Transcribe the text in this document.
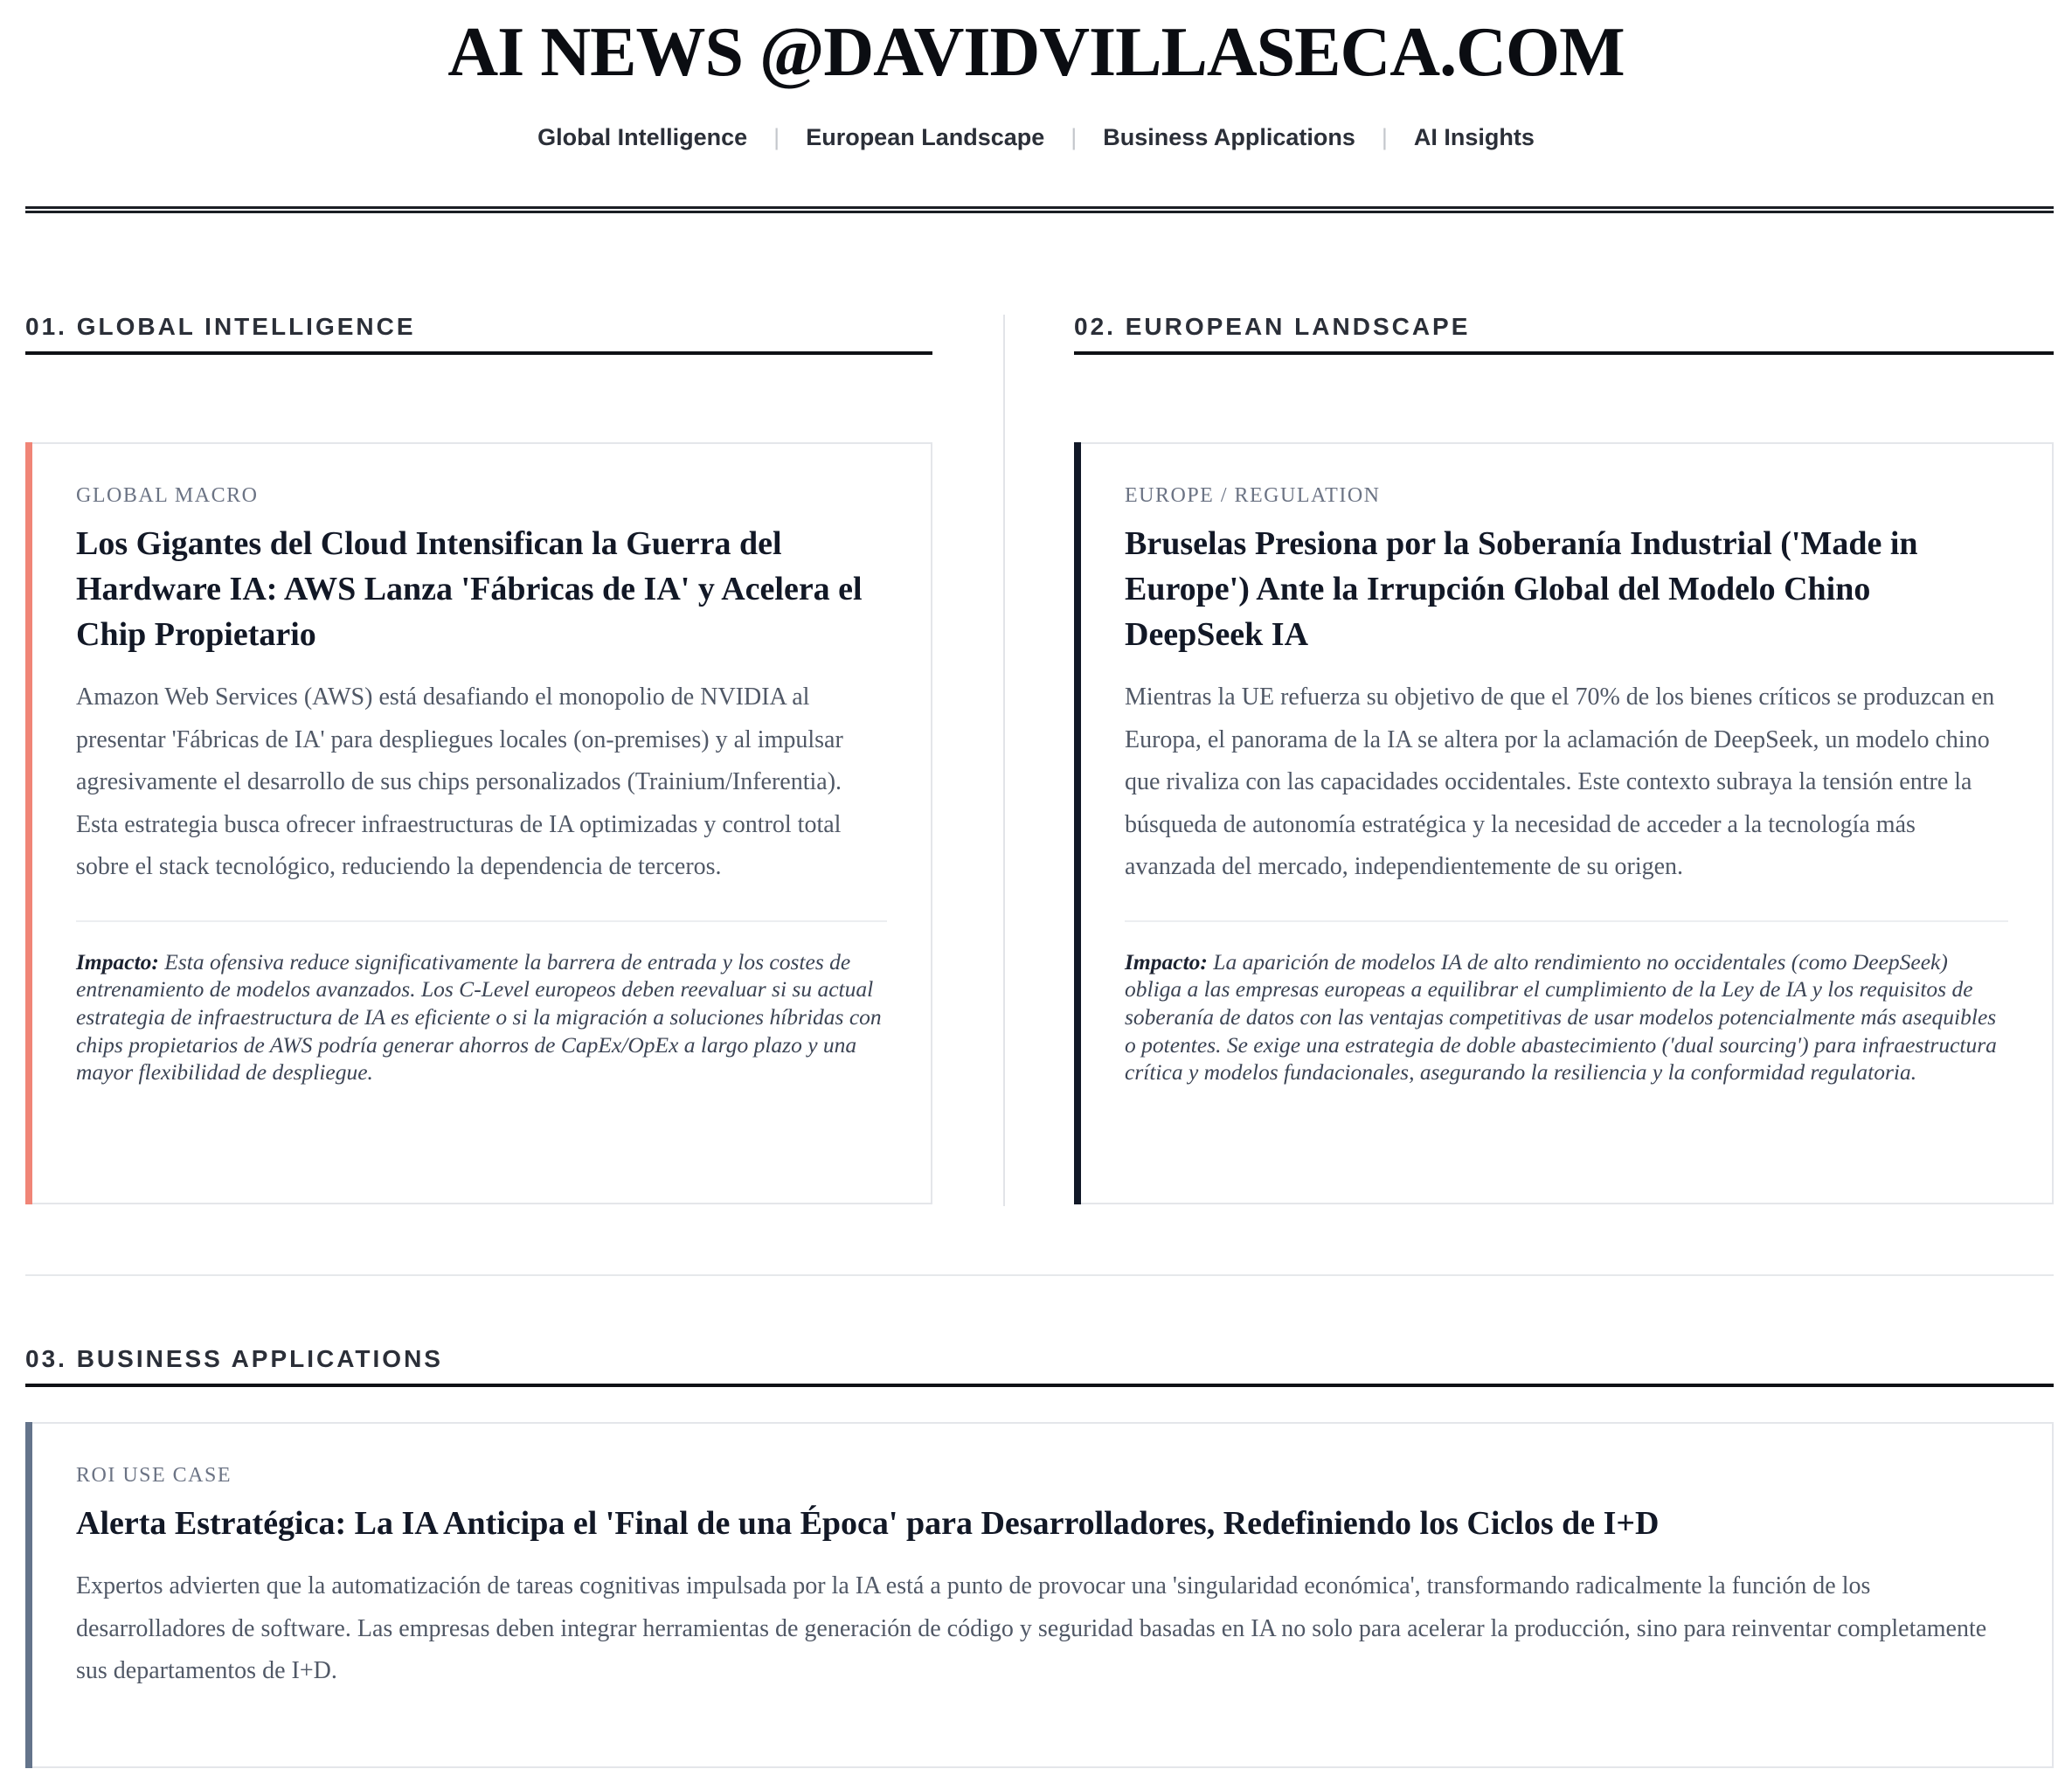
AI NEWS @DAVIDVILLASECA.COM
Global Intelligence | European Landscape | Business Applications | AI Insights
01. GLOBAL INTELLIGENCE
GLOBAL MACRO
Los Gigantes del Cloud Intensifican la Guerra del Hardware IA: AWS Lanza 'Fábricas de IA' y Acelera el Chip Propietario
Amazon Web Services (AWS) está desafiando el monopolio de NVIDIA al presentar 'Fábricas de IA' para despliegues locales (on-premises) y al impulsar agresivamente el desarrollo de sus chips personalizados (Trainium/Inferentia). Esta estrategia busca ofrecer infraestructuras de IA optimizadas y control total sobre el stack tecnológico, reduciendo la dependencia de terceros.
Impacto: Esta ofensiva reduce significativamente la barrera de entrada y los costes de entrenamiento de modelos avanzados. Los C-Level europeos deben reevaluar si su actual estrategia de infraestructura de IA es eficiente o si la migración a soluciones híbridas con chips propietarios de AWS podría generar ahorros de CapEx/OpEx a largo plazo y una mayor flexibilidad de despliegue.
02. EUROPEAN LANDSCAPE
EUROPE / REGULATION
Bruselas Presiona por la Soberanía Industrial ('Made in Europe') Ante la Irrupción Global del Modelo Chino DeepSeek IA
Mientras la UE refuerza su objetivo de que el 70% de los bienes críticos se produzcan en Europa, el panorama de la IA se altera por la aclamación de DeepSeek, un modelo chino que rivaliza con las capacidades occidentales. Este contexto subraya la tensión entre la búsqueda de autonomía estratégica y la necesidad de acceder a la tecnología más avanzada del mercado, independientemente de su origen.
Impacto: La aparición de modelos IA de alto rendimiento no occidentales (como DeepSeek) obliga a las empresas europeas a equilibrar el cumplimiento de la Ley de IA y los requisitos de soberanía de datos con las ventajas competitivas de usar modelos potencialmente más asequibles o potentes. Se exige una estrategia de doble abastecimiento ('dual sourcing') para infraestructura crítica y modelos fundacionales, asegurando la resiliencia y la conformidad regulatoria.
03. BUSINESS APPLICATIONS
ROI USE CASE
Alerta Estratégica: La IA Anticipa el 'Final de una Época' para Desarrolladores, Redefiniendo los Ciclos de I+D
Expertos advierten que la automatización de tareas cognitivas impulsada por la IA está a punto de provocar una 'singularidad económica', transformando radicalmente la función de los desarrolladores de software. Las empresas deben integrar herramientas de generación de código y seguridad basadas en IA no solo para acelerar la producción, sino para reinventar completamente sus departamentos de I+D.
